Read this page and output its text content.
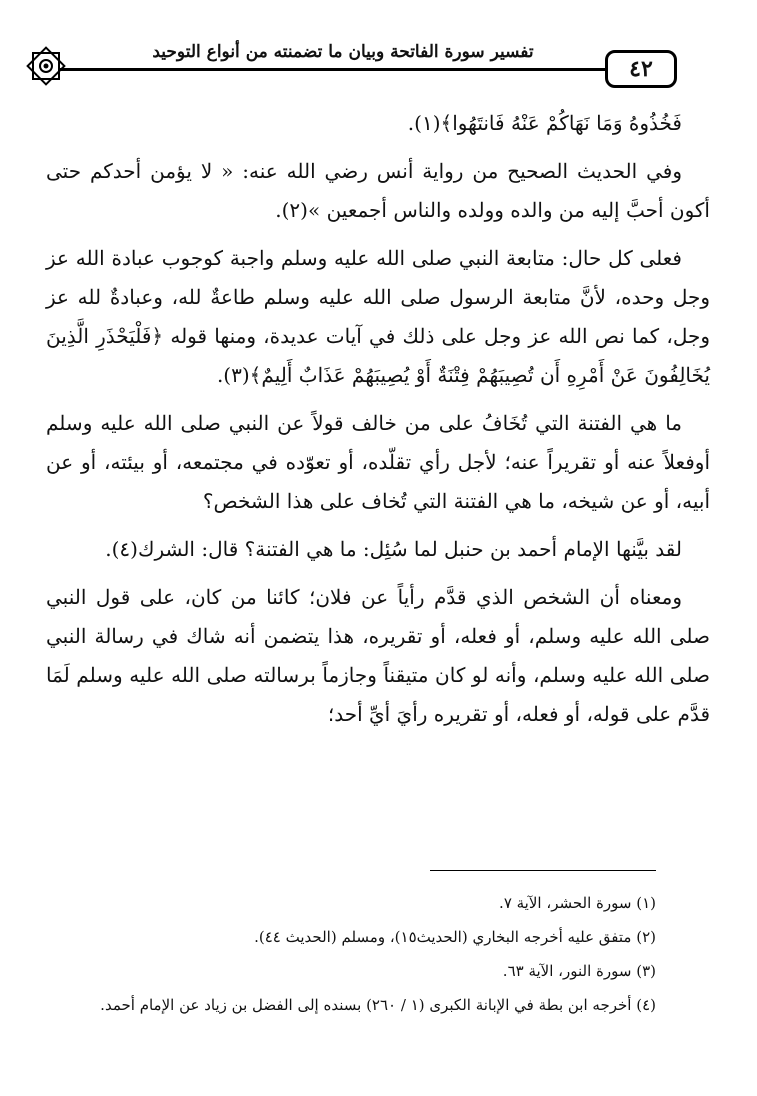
تفسير سورة الفاتحة وبيان ما تضمنته من أنواع التوحيد
٤٢

فَخُذُوهُ وَمَا نَهَاكُمْ عَنْهُ فَانتَهُوا﴾(١).

وفي الحديث الصحيح من رواية أنس رضي الله عنه: « لا يؤمن أحدكم حتى أكون أحبَّ إليه من والده وولده والناس أجمعين »(٢).

فعلى كل حال: متابعة النبي صلى الله عليه وسلم واجبة كوجوب عبادة الله عز وجل وحده، لأنَّ متابعة الرسول صلى الله عليه وسلم طاعةٌ لله، وعبادةٌ لله عز وجل، كما نص الله عز وجل على ذلك في آيات عديدة، ومنها قوله ﴿فَلْيَحْذَرِ الَّذِينَ يُخَالِفُونَ عَنْ أَمْرِهِ أَن تُصِيبَهُمْ فِتْنَةٌ أَوْ يُصِيبَهُمْ عَذَابٌ أَلِيمٌ﴾(٣).

ما هي الفتنة التي تُخَافُ على من خالف قولاً عن النبي صلى الله عليه وسلم أوفعلاً عنه أو تقريراً عنه؛ لأجل رأي تقلّده، أو تعوّده في مجتمعه، أو بيئته، أو عن أبيه، أو عن شيخه، ما هي الفتنة التي تُخاف على هذا الشخص؟

لقد بيَّنها الإمام أحمد بن حنبل لما سُئِل: ما هي الفتنة؟ قال: الشرك(٤).

ومعناه أن الشخص الذي قدَّم رأياً عن فلان؛ كائنا من كان، على قول النبي صلى الله عليه وسلم، أو فعله، أو تقريره، هذا يتضمن أنه شاك في رسالة النبي صلى الله عليه وسلم، وأنه لو كان متيقناً وجازماً برسالته صلى الله عليه وسلم لَمَا قدَّم على قوله، أو فعله، أو تقريره رأيَ أيِّ أحد؛

(١) سورة الحشر، الآية ٧.

(٢) متفق عليه أخرجه البخاري (الحديث١٥)، ومسلم (الحديث ٤٤).

(٣) سورة النور، الآية ٦٣.

(٤) أخرجه ابن بطة في الإبانة الكبرى (١ / ٢٦٠) بسنده إلى الفضل بن زياد عن الإمام أحمد.
